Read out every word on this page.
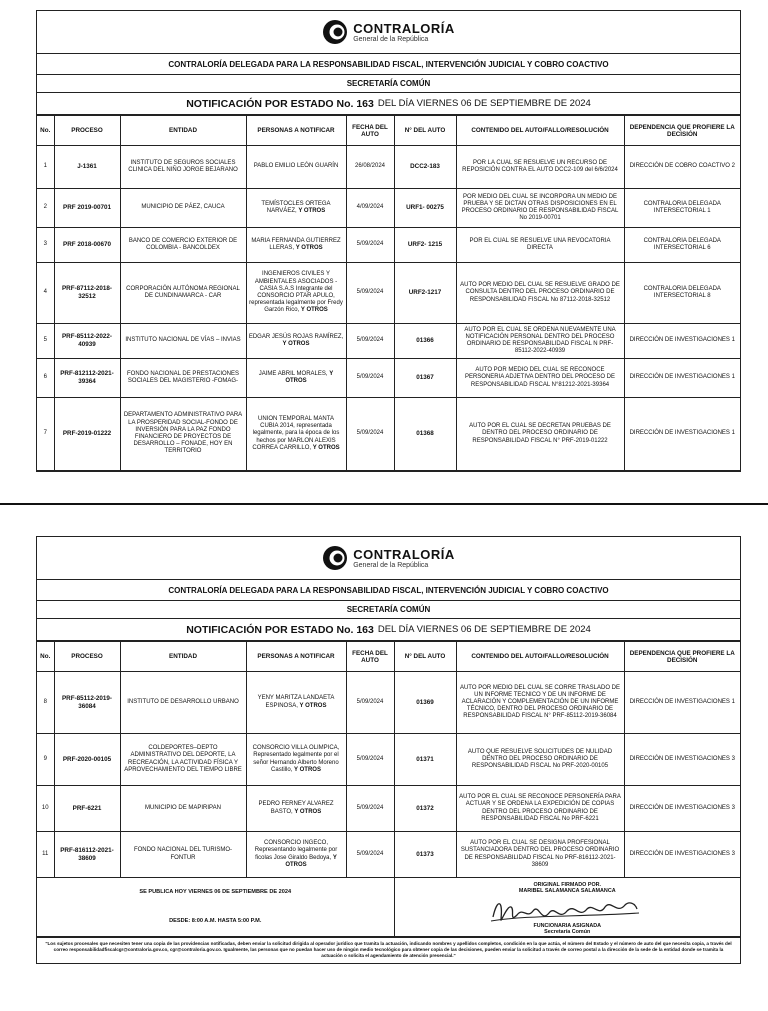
CONTRALORÍA
General de la República
CONTRALORÍA DELEGADA PARA LA RESPONSABILIDAD FISCAL, INTERVENCIÓN JUDICIAL Y COBRO COACTIVO
SECRETARÍA COMÚN
NOTIFICACIÓN POR ESTADO No. 163 DEL DÍA VIERNES 06 DE SEPTIEMBRE DE 2024
No.	PROCESO	ENTIDAD	PERSONAS A NOTIFICAR	FECHA DEL AUTO	N° DEL AUTO	CONTENIDO DEL AUTO/FALLO/RESOLUCIÓN	DEPENDENCIA QUE PROFIERE LA DECISIÓN
1	J-1361	INSTITUTO DE SEGUROS SOCIALES CLINICA DEL NIÑO JORGE BEJARANO	PABLO EMILIO LEÓN GUARÍN	26/08/2024	DCC2-183	POR LA CUAL SE RESUELVE UN RECURSO DE REPOSICIÓN CONTRA EL AUTO DCC2-109 del 6/6/2024	DIRECCIÓN DE COBRO COACTIVO 2
2	PRF 2019-00701	MUNICIPIO DE PÁEZ, CAUCA	TEMÍSTOCLES ORTEGA NARVÁEZ, Y OTROS	4/09/2024	URF1- 00275	POR MEDIO DEL CUAL SE INCORPORA UN MEDIO DE PRUEBA Y SE DICTAN OTRAS DISPOSICIONES EN EL PROCESO ORDINARIO DE RESPONSABILIDAD FISCAL No 2019-00701	CONTRALORIA DELEGADA INTERSECTORIAL 1
3	PRF 2018-00670	BANCO DE COMERCIO EXTERIOR DE COLOMBIA - BANCOLDEX	MARIA FERNANDA GUTIERREZ LLERAS, Y OTROS	5/09/2024	URF2- 1215	POR EL CUAL SE RESUELVE UNA REVOCATORIA DIRECTA	CONTRALORIA DELEGADA INTERSECTORIAL 6
4	PRF-87112-2018-32512	CORPORACIÓN AUTÓNOMA REGIONAL DE CUNDINAMARCA - CAR	INGENIEROS CIVILES Y AMBIENTALES ASOCIADOS - CASIA S.A.S Integrante del CONSORCIO PTAR APULO, representada legalmente por Fredy Garzón Rico, Y OTROS	5/09/2024	URF2-1217	AUTO POR MEDIO DEL CUAL SE RESUELVE GRADO DE CONSULTA DENTRO DEL PROCESO ORDINARIO DE RESPONSABILIDAD FISCAL No 87112-2018-32512	CONTRALORIA DELEGADA INTERSECTORIAL 8
5	PRF-85112-2022-40939	INSTITUTO NACIONAL DE VÍAS – INVIAS	EDGAR JESÚS ROJAS RAMÍREZ, Y OTROS	5/09/2024	01366	AUTO POR EL CUAL SE ORDENA NUEVAMENTE UNA NOTIFICACIÓN PERSONAL DENTRO DEL PROCESO ORDINARIO DE RESPONSABILIDAD FISCAL N PRF-85112-2022-40939	DIRECCIÓN DE INVESTIGACIONES 1
6	PRF-812112-2021-39364	FONDO NACIONAL DE PRESTACIONES SOCIALES DEL MAGISTERIO -FOMAG-	JAIME ABRIL MORALES, Y OTROS	5/09/2024	01367	AUTO POR MEDIO DEL CUAL SE RECONOCE PERSONERIA ADJETIVA DENTRO DEL PROCESO DE RESPONSABILIDAD FISCAL N°81212-2021-39364	DIRECCIÓN DE INVESTIGACIONES 1
7	PRF-2019-01222	DEPARTAMENTO ADMINISTRATIVO PARA LA PROSPERIDAD SOCIAL-FONDO DE INVERSIÓN PARA LA PAZ FONDO FINANCIERO DE PROYECTOS DE DESARROLLO – FONADE, HOY EN TERRITORIO	UNION TEMPORAL MANTA CUBIA 2014, representada legalmente, para la época de los hechos por MARLON ALEXIS CORREA CARRILLO, Y OTROS	5/09/2024	01368	AUTO POR EL CUAL SE DECRETAN PRUEBAS DE DENTRO DEL PROCESO ORDINARIO DE RESPONSABILIDAD FISCAL N° PRF-2019-01222	DIRECCIÓN DE INVESTIGACIONES 1
CONTRALORÍA
General de la República
CONTRALORÍA DELEGADA PARA LA RESPONSABILIDAD FISCAL, INTERVENCIÓN JUDICIAL Y COBRO COACTIVO
SECRETARÍA COMÚN
NOTIFICACIÓN POR ESTADO No. 163 DEL DÍA VIERNES 06 DE SEPTIEMBRE DE 2024
No.	PROCESO	ENTIDAD	PERSONAS A NOTIFICAR	FECHA DEL AUTO	N° DEL AUTO	CONTENIDO DEL AUTO/FALLO/RESOLUCIÓN	DEPENDENCIA QUE PROFIERE LA DECISIÓN
8	PRF-85112-2019-36084	INSTITUTO DE DESARROLLO URBANO	YENY MARITZA LANDAETA ESPINOSA, Y OTROS	5/09/2024	01369	AUTO POR MEDIO DEL CUAL SE CORRE TRASLADO DE UN INFORME TECNICO Y DE UN INFORME DE ACLARACIÓN Y COMPLEMENTACIÓN DE UN INFORME TÉCNICO, DENTRO DEL PROCESO ORDINARIO DE RESPONSABILIDAD FISCAL N° PRF-85112-2019-36084	DIRECCIÓN DE INVESTIGACIONES 1
9	PRF-2020-00105	COLDEPORTES–DEPTO ADMINISTRATIVO DEL DEPORTE, LA RECREACIÓN, LA ACTIVIDAD FÍSICA Y APROVECHAMIENTO DEL TIEMPO LIBRE	CONSORCIO VILLA OLIMPICA, Representado legalmente por el señor Hernando Alberto Moreno Castillo, Y OTROS	5/09/2024	01371	AUTO QUE RESUELVE SOLICITUDES DE NULIDAD DENTRO DEL PROCESO ORDINARIO DE RESPONSABILIDAD FISCAL No PRF-2020-00105	DIRECCIÓN DE INVESTIGACIONES 3
10	PRF-6221	MUNICIPIO DE MAPIRIPAN	PEDRO FERNEY ALVAREZ BASTO, Y OTROS	5/09/2024	01372	AUTO POR EL CUAL SE RECONOCE PERSONERÍA PARA ACTUAR Y SE ORDENA LA EXPEDICIÓN DE COPIAS DENTRO DEL PROCESO ORDINARIO DE RESPONSABILIDAD FISCAL No PRF-6221	DIRECCIÓN DE INVESTIGACIONES 3
11	PRF-816112-2021-38609	FONDO NACIONAL DEL TURISMO-FONTUR	CONSORCIO INGECO, Representando legalmente por ficolas Jose Giraldo Bedoya, Y OTROS	5/09/2024	01373	AUTO POR EL CUAL SE DESIGNA PROFESIONAL SUSTANCIADORA DENTRO DEL PROCESO ORDINARIO DE RESPONSABILIDAD FISCAL No PRF-816112-2021-38609	DIRECCIÓN DE INVESTIGACIONES 3
SE PUBLICA HOY VIERNES 06 DE SEPTIEMBRE DE 2024					ORIGINAL FIRMADO POR.
MARIBEL SALAMANCA SALAMANCA
FUNCIONARIA ASIGNADA
Secretaría Común		

DESDE: 8:00 A.M. HASTA 5:00 P.M.							
"Los sujetos procesales que necesiten tener una copia de las providencias notificadas, deben enviar la solicitud dirigida al operador jurídico que tramita la actuación, indicando nombres y apellidos completos, condición en la que actúa, el número del Estado y el número de auto del que necesita copia, a través del correo responsabilidadfiscalcgr@contraloria.gov.co, cgr@contraloria.gov.co. Igualmente, las personas que no puedan hacer uso de ningún medio tecnológico para obtener copia de las decisiones, pueden enviar la solicitud a través de correo postal a la dirección de la sede de la entidad donde se tramita la actuación o solicita el agendamiento de atención presencial."
